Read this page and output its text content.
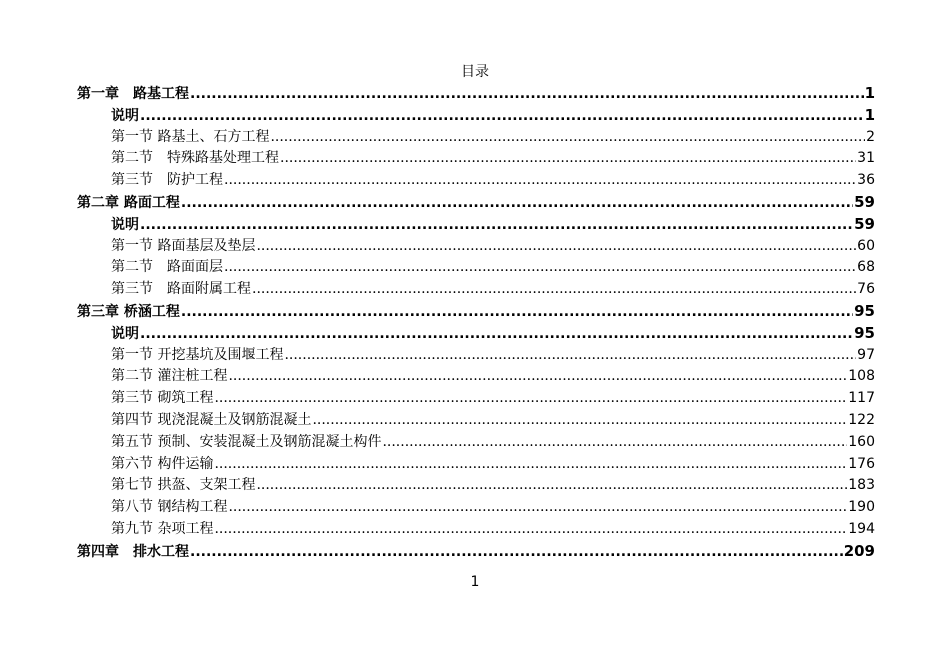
目录
第一章　路基工程 .....	1
说明 .....	1
第一节 路基土、石方工程 .....	2
第二节　特殊路基处理工程 .....	31
第三节　防护工程 .....	36
第二章 路面工程 .....	59
说明 .....	59
第一节 路面基层及垫层 .....	60
第二节　路面面层 .....	68
第三节　路面附属工程 .....	76
第三章 桥涵工程 .....	95
说明 .....	95
第一节 开挖基坑及围堰工程 .....	97
第二节 灌注桩工程 .....	108
第三节 砌筑工程 .....	117
第四节 现浇混凝土及钢筋混凝土 .....	122
第五节 预制、安装混凝土及钢筋混凝土构件 .....	160
第六节 构件运输 .....	176
第七节 拱盔、支架工程 .....	183
第八节 钢结构工程 .....	190
第九节 杂项工程 .....	194
第四章　排水工程 .....	209
1
